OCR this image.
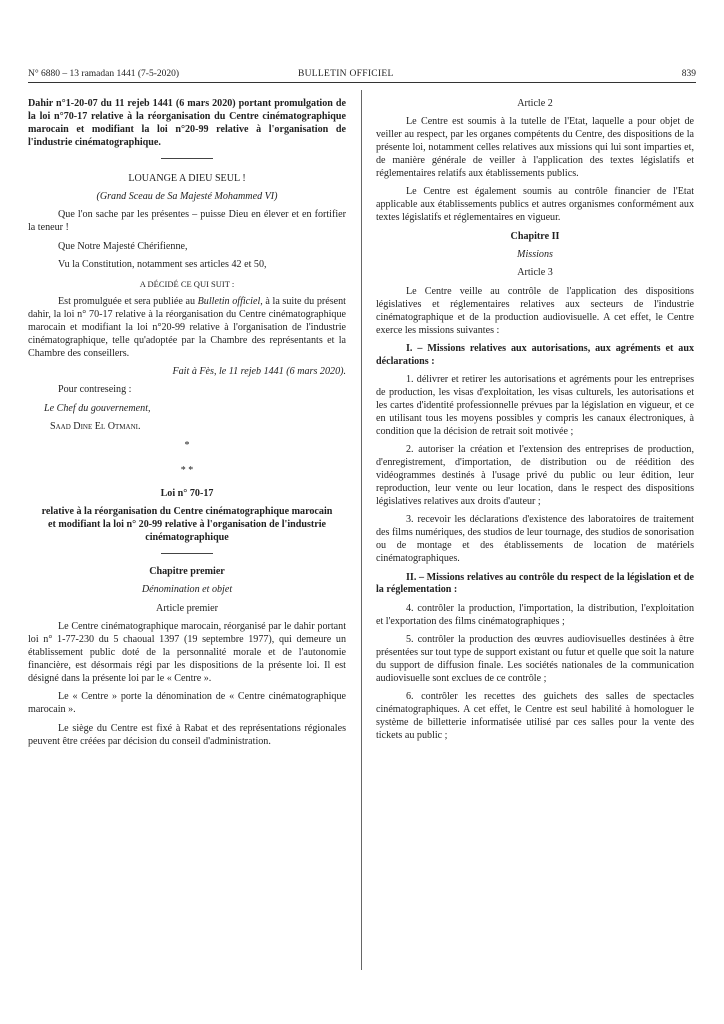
N° 6880 – 13 ramadan 1441 (7-5-2020)	BULLETIN OFFICIEL	839

Dahir n°1-20-07 du 11 rejeb 1441 (6 mars 2020) portant promulgation de la loi n°70-17 relative à la réorganisation du Centre cinématographique marocain et modifiant la loi n°20-99 relative à l'organisation de l'industrie cinématographique.

LOUANGE A DIEU SEUL !

(Grand Sceau de Sa Majesté Mohammed VI)

Que l'on sache par les présentes – puisse Dieu en élever et en fortifier la teneur !

Que Notre Majesté Chérifienne,

Vu la Constitution, notamment ses articles 42 et 50,

A DÉCIDÉ CE QUI SUIT :

Est promulguée et sera publiée au Bulletin officiel, à la suite du présent dahir, la loi n° 70-17 relative à la réorganisation du Centre cinématographique marocain et modifiant la loi n°20-99 relative à l'organisation de l'industrie cinématographique, telle qu'adoptée par la Chambre des représentants et la Chambre des conseillers.

Fait à Fès, le 11 rejeb 1441 (6 mars 2020).

Pour contreseing :

Le Chef du gouvernement,

Saad Dine El Otmani.

*

* *

Loi n° 70-17

relative à la réorganisation du Centre cinématographique marocain et modifiant la loi n° 20-99 relative à l'organisation de l'industrie cinématographique

Chapitre premier

Dénomination et objet

Article premier

Le Centre cinématographique marocain, réorganisé par le dahir portant loi n° 1-77-230 du 5 chaoual 1397 (19 septembre 1977), qui demeure un établissement public doté de la personnalité morale et de l'autonomie financière, est désormais régi par les dispositions de la présente loi. Il est désigné dans la présente loi par le « Centre ».

Le « Centre » porte la dénomination de « Centre cinématographique marocain ».

Le siège du Centre est fixé à Rabat et des représentations régionales peuvent être créées par décision du conseil d'administration.

Article 2

Le Centre est soumis à la tutelle de l'Etat, laquelle a pour objet de veiller au respect, par les organes compétents du Centre, des dispositions de la présente loi, notamment celles relatives aux missions qui lui sont imparties et, de manière générale de veiller à l'application des textes législatifs et réglementaires relatifs aux établissements publics.

Le Centre est également soumis au contrôle financier de l'Etat applicable aux établissements publics et autres organismes conformément aux textes législatifs et réglementaires en vigueur.

Chapitre II

Missions

Article 3

Le Centre veille au contrôle de l'application des dispositions législatives et réglementaires relatives aux secteurs de l'industrie cinématographique et de la production audiovisuelle. A cet effet, le Centre exerce les missions suivantes :

I. – Missions relatives aux autorisations, aux agréments et aux déclarations :

1. délivrer et retirer les autorisations et agréments pour les entreprises de production, les visas d'exploitation, les visas culturels, les autorisations et les cartes d'identité professionnelle prévues par la législation en vigueur, et ce en utilisant tous les moyens possibles y compris les canaux électroniques, à condition que la décision de retrait soit motivée ;

2. autoriser la création et l'extension des entreprises de production, d'enregistrement, d'importation, de distribution ou de réédition des vidéogrammes destinés à l'usage privé du public ou leur édition, leur reproduction, leur vente ou leur location, dans le respect des dispositions législatives relatives aux droits d'auteur ;

3. recevoir les déclarations d'existence des laboratoires de traitement des films numériques, des studios de leur tournage, des studios de sonorisation ou de montage et des établissements de location de matériels cinématographiques.

II. – Missions relatives au contrôle du respect de la législation et de la réglementation :

4. contrôler la production, l'importation, la distribution, l'exploitation et l'exportation des films cinématographiques ;

5. contrôler la production des œuvres audiovisuelles destinées à être présentées sur tout type de support existant ou futur et quelle que soit la nature du support de diffusion finale. Les sociétés nationales de la communication audiovisuelle sont exclues de ce contrôle ;

6. contrôler les recettes des guichets des salles de spectacles cinématographiques. A cet effet, le Centre est seul habilité à homologuer le système de billetterie informatisée utilisé par ces salles pour la vente des tickets au public ;
